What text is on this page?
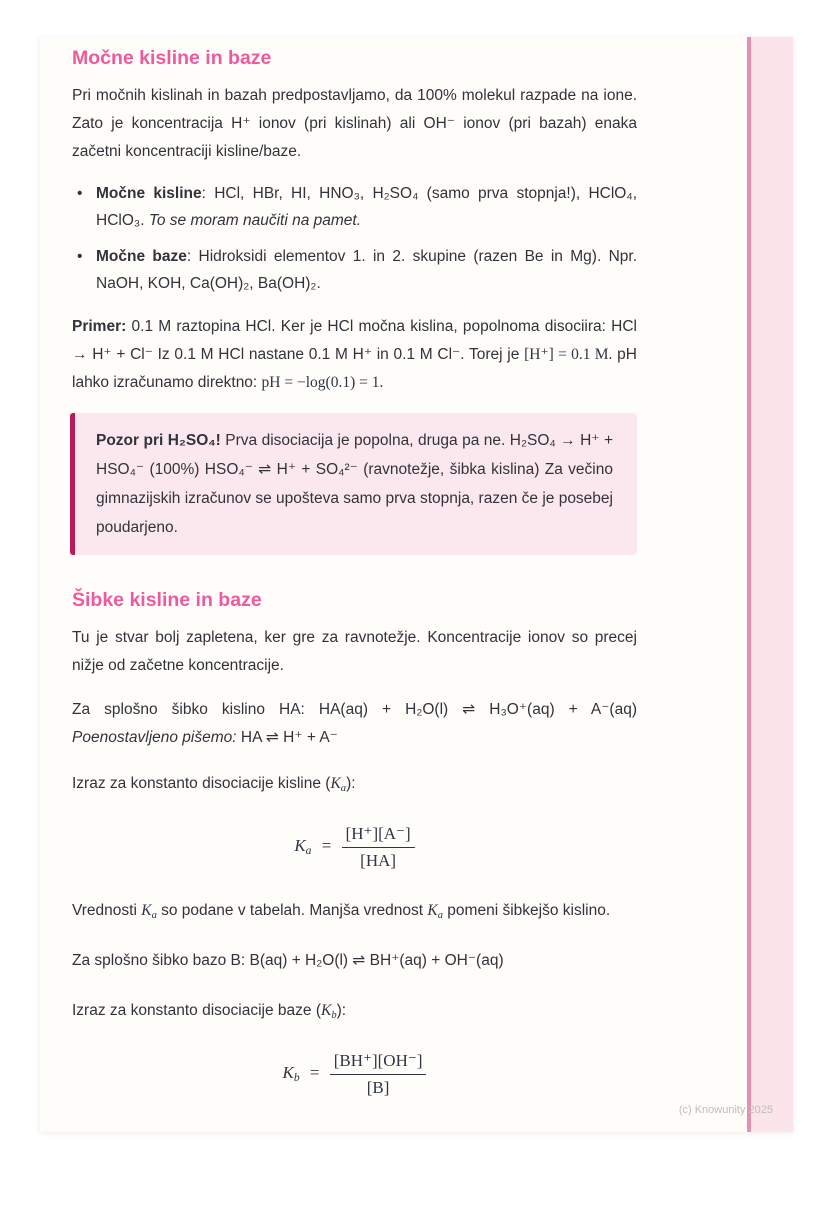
Močne kisline in baze

Pri močnih kislinah in bazah predpostavljamo, da 100% molekul razpade na ione. Zato je koncentracija H⁺ ionov (pri kislinah) ali OH⁻ ionov (pri bazah) enaka začetni koncentraciji kisline/baze.

• Močne kisline: HCl, HBr, HI, HNO₃, H₂SO₄ (samo prva stopnja!), HClO₄, HClO₃. To se moram naučiti na pamet.
• Močne baze: Hidroksidi elementov 1. in 2. skupine (razen Be in Mg). Npr. NaOH, KOH, Ca(OH)₂, Ba(OH)₂.

Primer: 0.1 M raztopina HCl. Ker je HCl močna kislina, popolnoma disociira: HCl → H⁺ + Cl⁻ Iz 0.1 M HCl nastane 0.1 M H⁺ in 0.1 M Cl⁻. Torej je [H⁺] = 0.1 M. pH lahko izračunamo direktno: pH = −log(0.1) = 1.

Pozor pri H₂SO₄! Prva disociacija je popolna, druga pa ne. H₂SO₄ → H⁺ + HSO₄⁻ (100%) HSO₄⁻ ⇌ H⁺ + SO₄²⁻ (ravnotežje, šibka kislina) Za večino gimnazijskih izračunov se upošteva samo prva stopnja, razen če je posebej poudarjeno.

Šibke kisline in baze

Tu je stvar bolj zapletena, ker gre za ravnotežje. Koncentracije ionov so precej nižje od začetne koncentracije.

Za splošno šibko kislino HA: HA(aq) + H₂O(l) ⇌ H₃O⁺(aq) + A⁻(aq)
Poenostavljeno pišemo: HA ⇌ H⁺ + A⁻

Izraz za konstanto disociacije kisline $(K_a)$:

$K_a = \frac{[H^+][A^-]}{[HA]}$

Vrednosti $K_a$ so podane v tabelah. Manjša vrednost $K_a$ pomeni šibkejšo kislino.

Za splošno šibko bazo B: B(aq) + H₂O(l) ⇌ BH⁺(aq) + OH⁻(aq)

Izraz za konstanto disociacije baze $(K_b)$:

$K_b = \frac{[BH^+][OH^-]}{[B]}$
(c) Knowunity 2025
